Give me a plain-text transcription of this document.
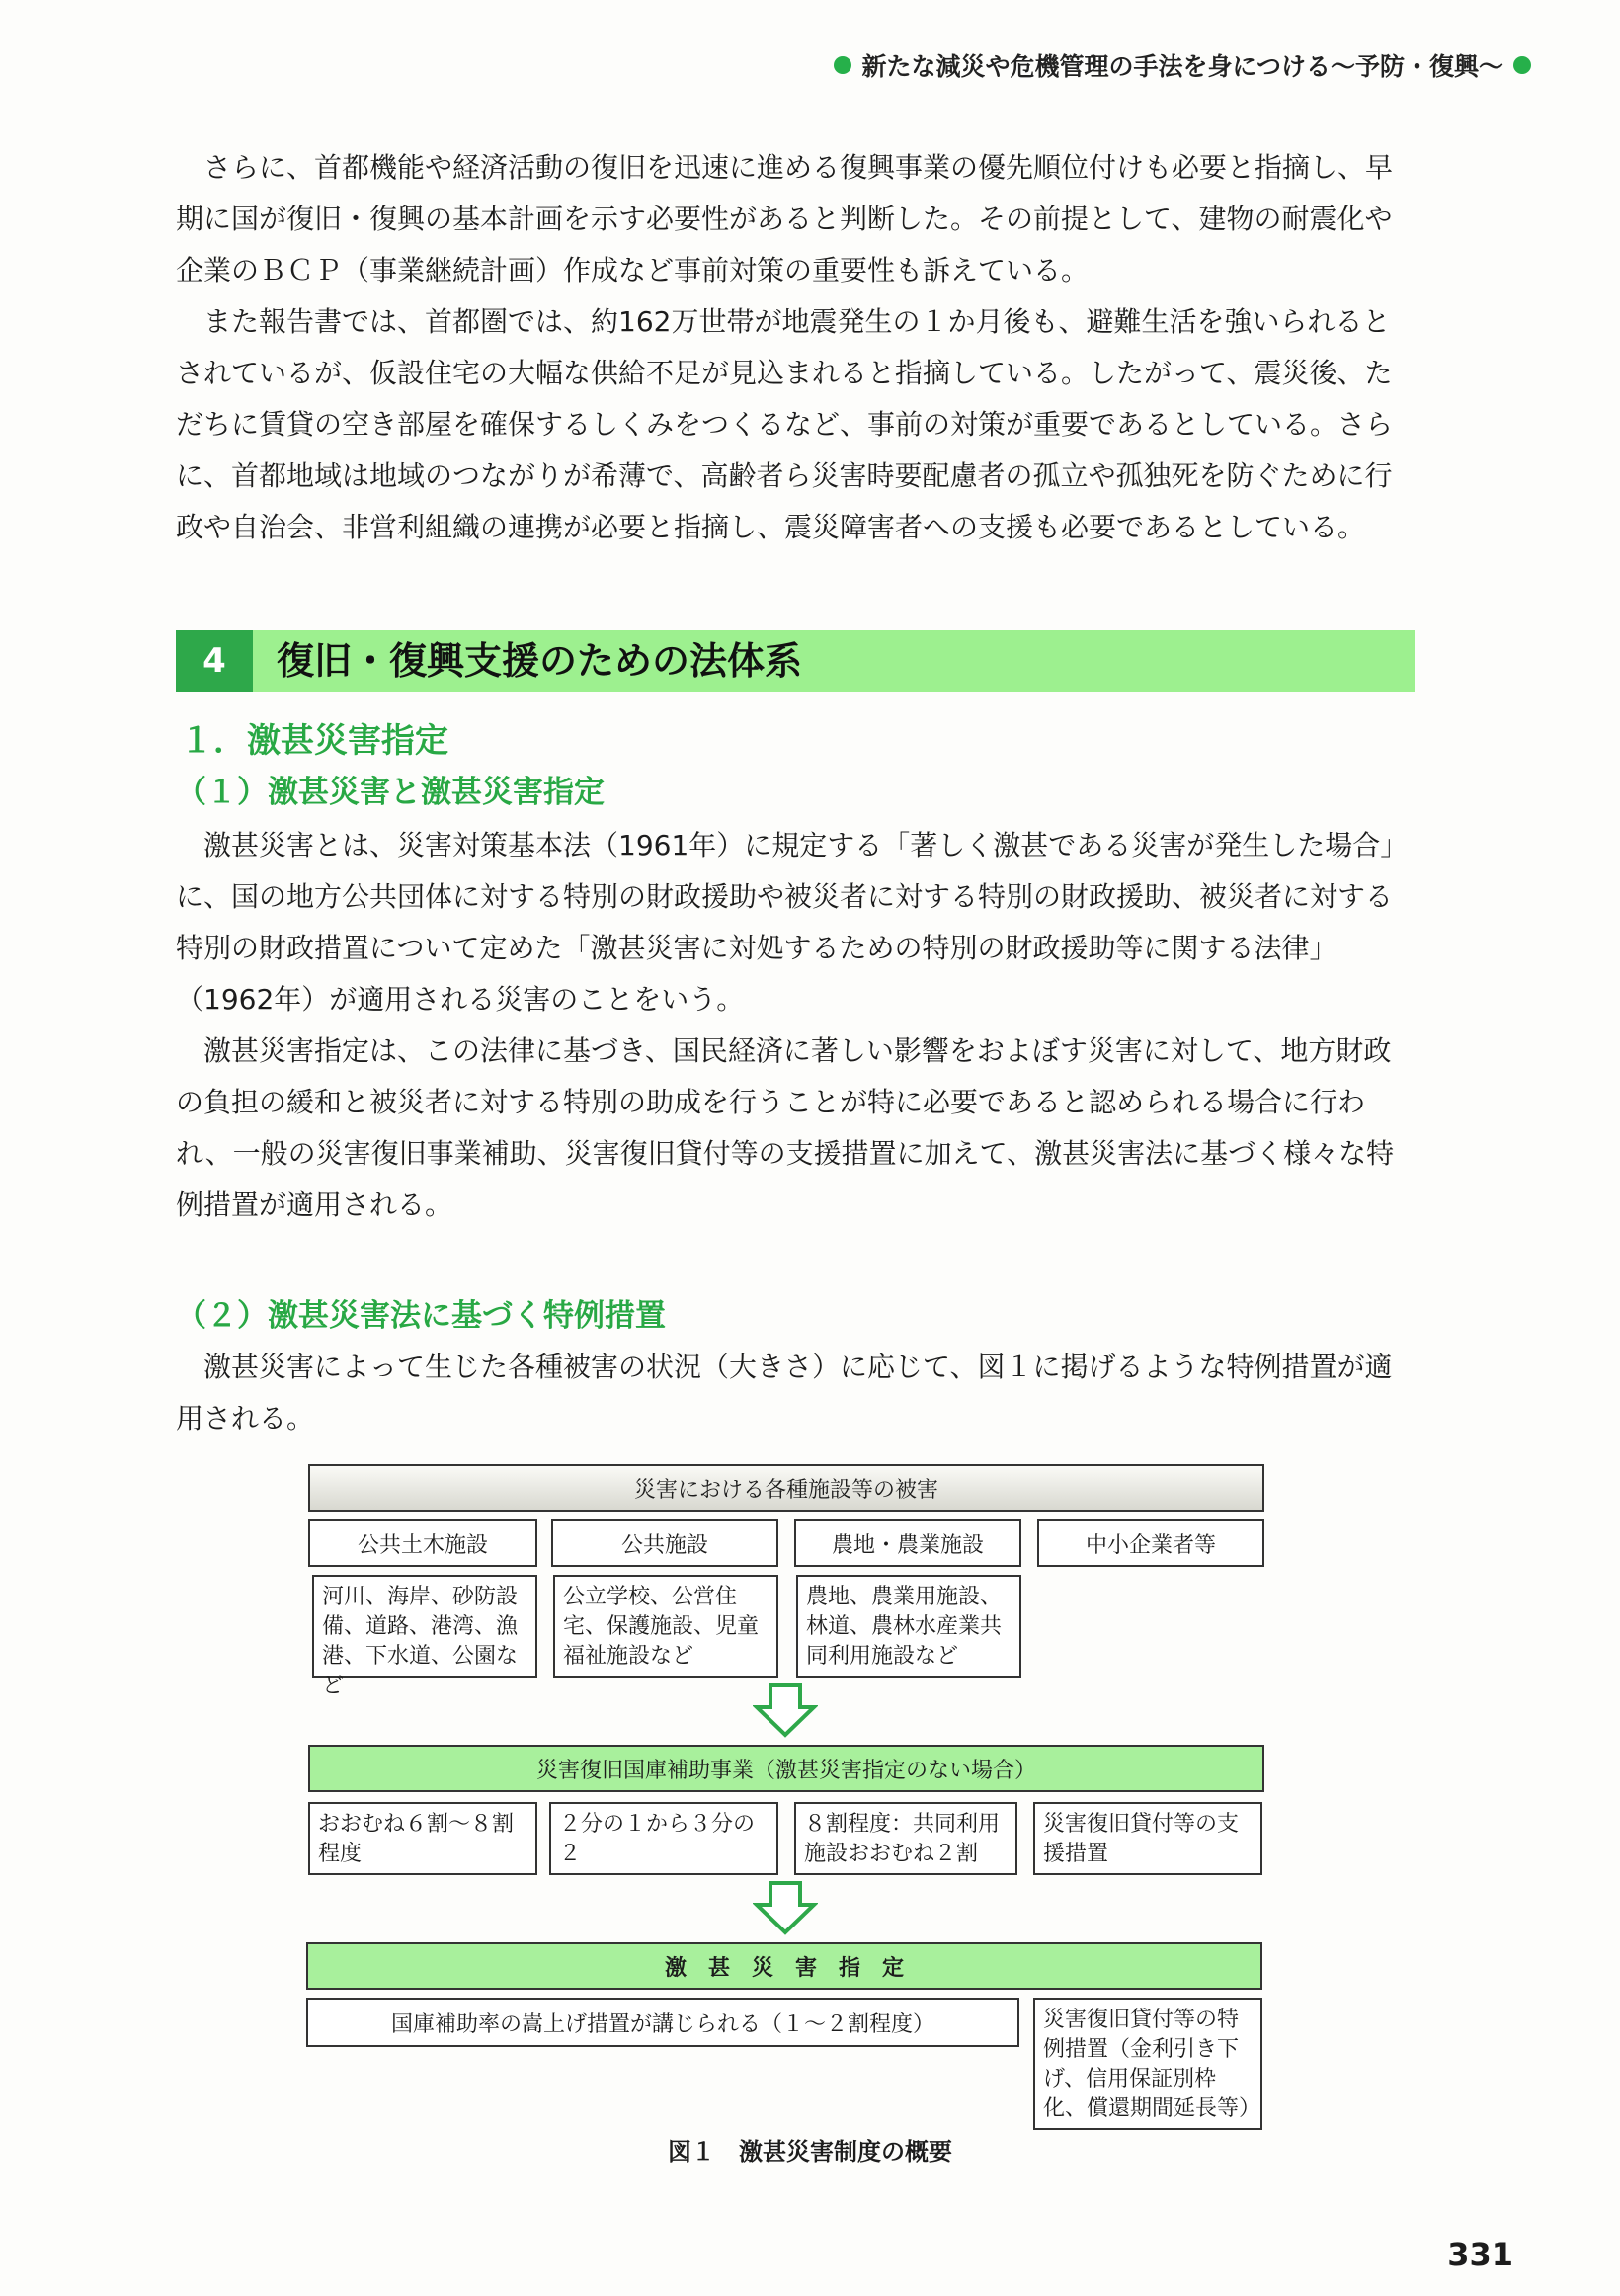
新たな減災や危機管理の手法を身につける〜予防・復興〜

さらに、首都機能や経済活動の復旧を迅速に進める復興事業の優先順位付けも必要と指摘し、早期に国が復旧・復興の基本計画を示す必要性があると判断した。その前提として、建物の耐震化や企業のＢＣＰ（事業継続計画）作成など事前対策の重要性も訴えている。

また報告書では、首都圏では、約162万世帯が地震発生の１か月後も、避難生活を強いられるとされているが、仮設住宅の大幅な供給不足が見込まれると指摘している。したがって、震災後、ただちに賃貸の空き部屋を確保するしくみをつくるなど、事前の対策が重要であるとしている。さらに、首都地域は地域のつながりが希薄で、高齢者ら災害時要配慮者の孤立や孤独死を防ぐために行政や自治会、非営利組織の連携が必要と指摘し、震災障害者への支援も必要であるとしている。

4	復旧・復興支援のための法体系
１．激甚災害指定
（１）激甚災害と激甚災害指定

激甚災害とは、災害対策基本法（1961年）に規定する「著しく激甚である災害が発生した場合」に、国の地方公共団体に対する特別の財政援助や被災者に対する特別の財政援助、被災者に対する特別の財政措置について定めた「激甚災害に対処するための特別の財政援助等に関する法律」（1962年）が適用される災害のことをいう。

激甚災害指定は、この法律に基づき、国民経済に著しい影響をおよぼす災害に対して、地方財政の負担の緩和と被災者に対する特別の助成を行うことが特に必要であると認められる場合に行われ、一般の災害復旧事業補助、災害復旧貸付等の支援措置に加えて、激甚災害法に基づく様々な特例措置が適用される。

（２）激甚災害法に基づく特例措置

激甚災害によって生じた各種被害の状況（大きさ）に応じて、図１に掲げるような特例措置が適用される。

災害における各種施設等の被害
公共土木施設	公共施設	農地・農業施設	中小企業者等
河川、海岸、砂防設備、道路、港湾、漁港、下水道、公園など
公立学校、公営住宅、保護施設、児童福祉施設など
農地、農業用施設、林道、農林水産業共同利用施設など
災害復旧国庫補助事業（激甚災害指定のない場合）
おおむね６割〜８割程度
２分の１から３分の２
８割程度：共同利用施設おおむね２割
災害復旧貸付等の支援措置
激　甚　災　害　指　定
国庫補助率の嵩上げ措置が講じられる（１〜２割程度）	災害復旧貸付等の特例措置（金利引き下げ、信用保証別枠化、償還期間延長等）
図１　激甚災害制度の概要
331
